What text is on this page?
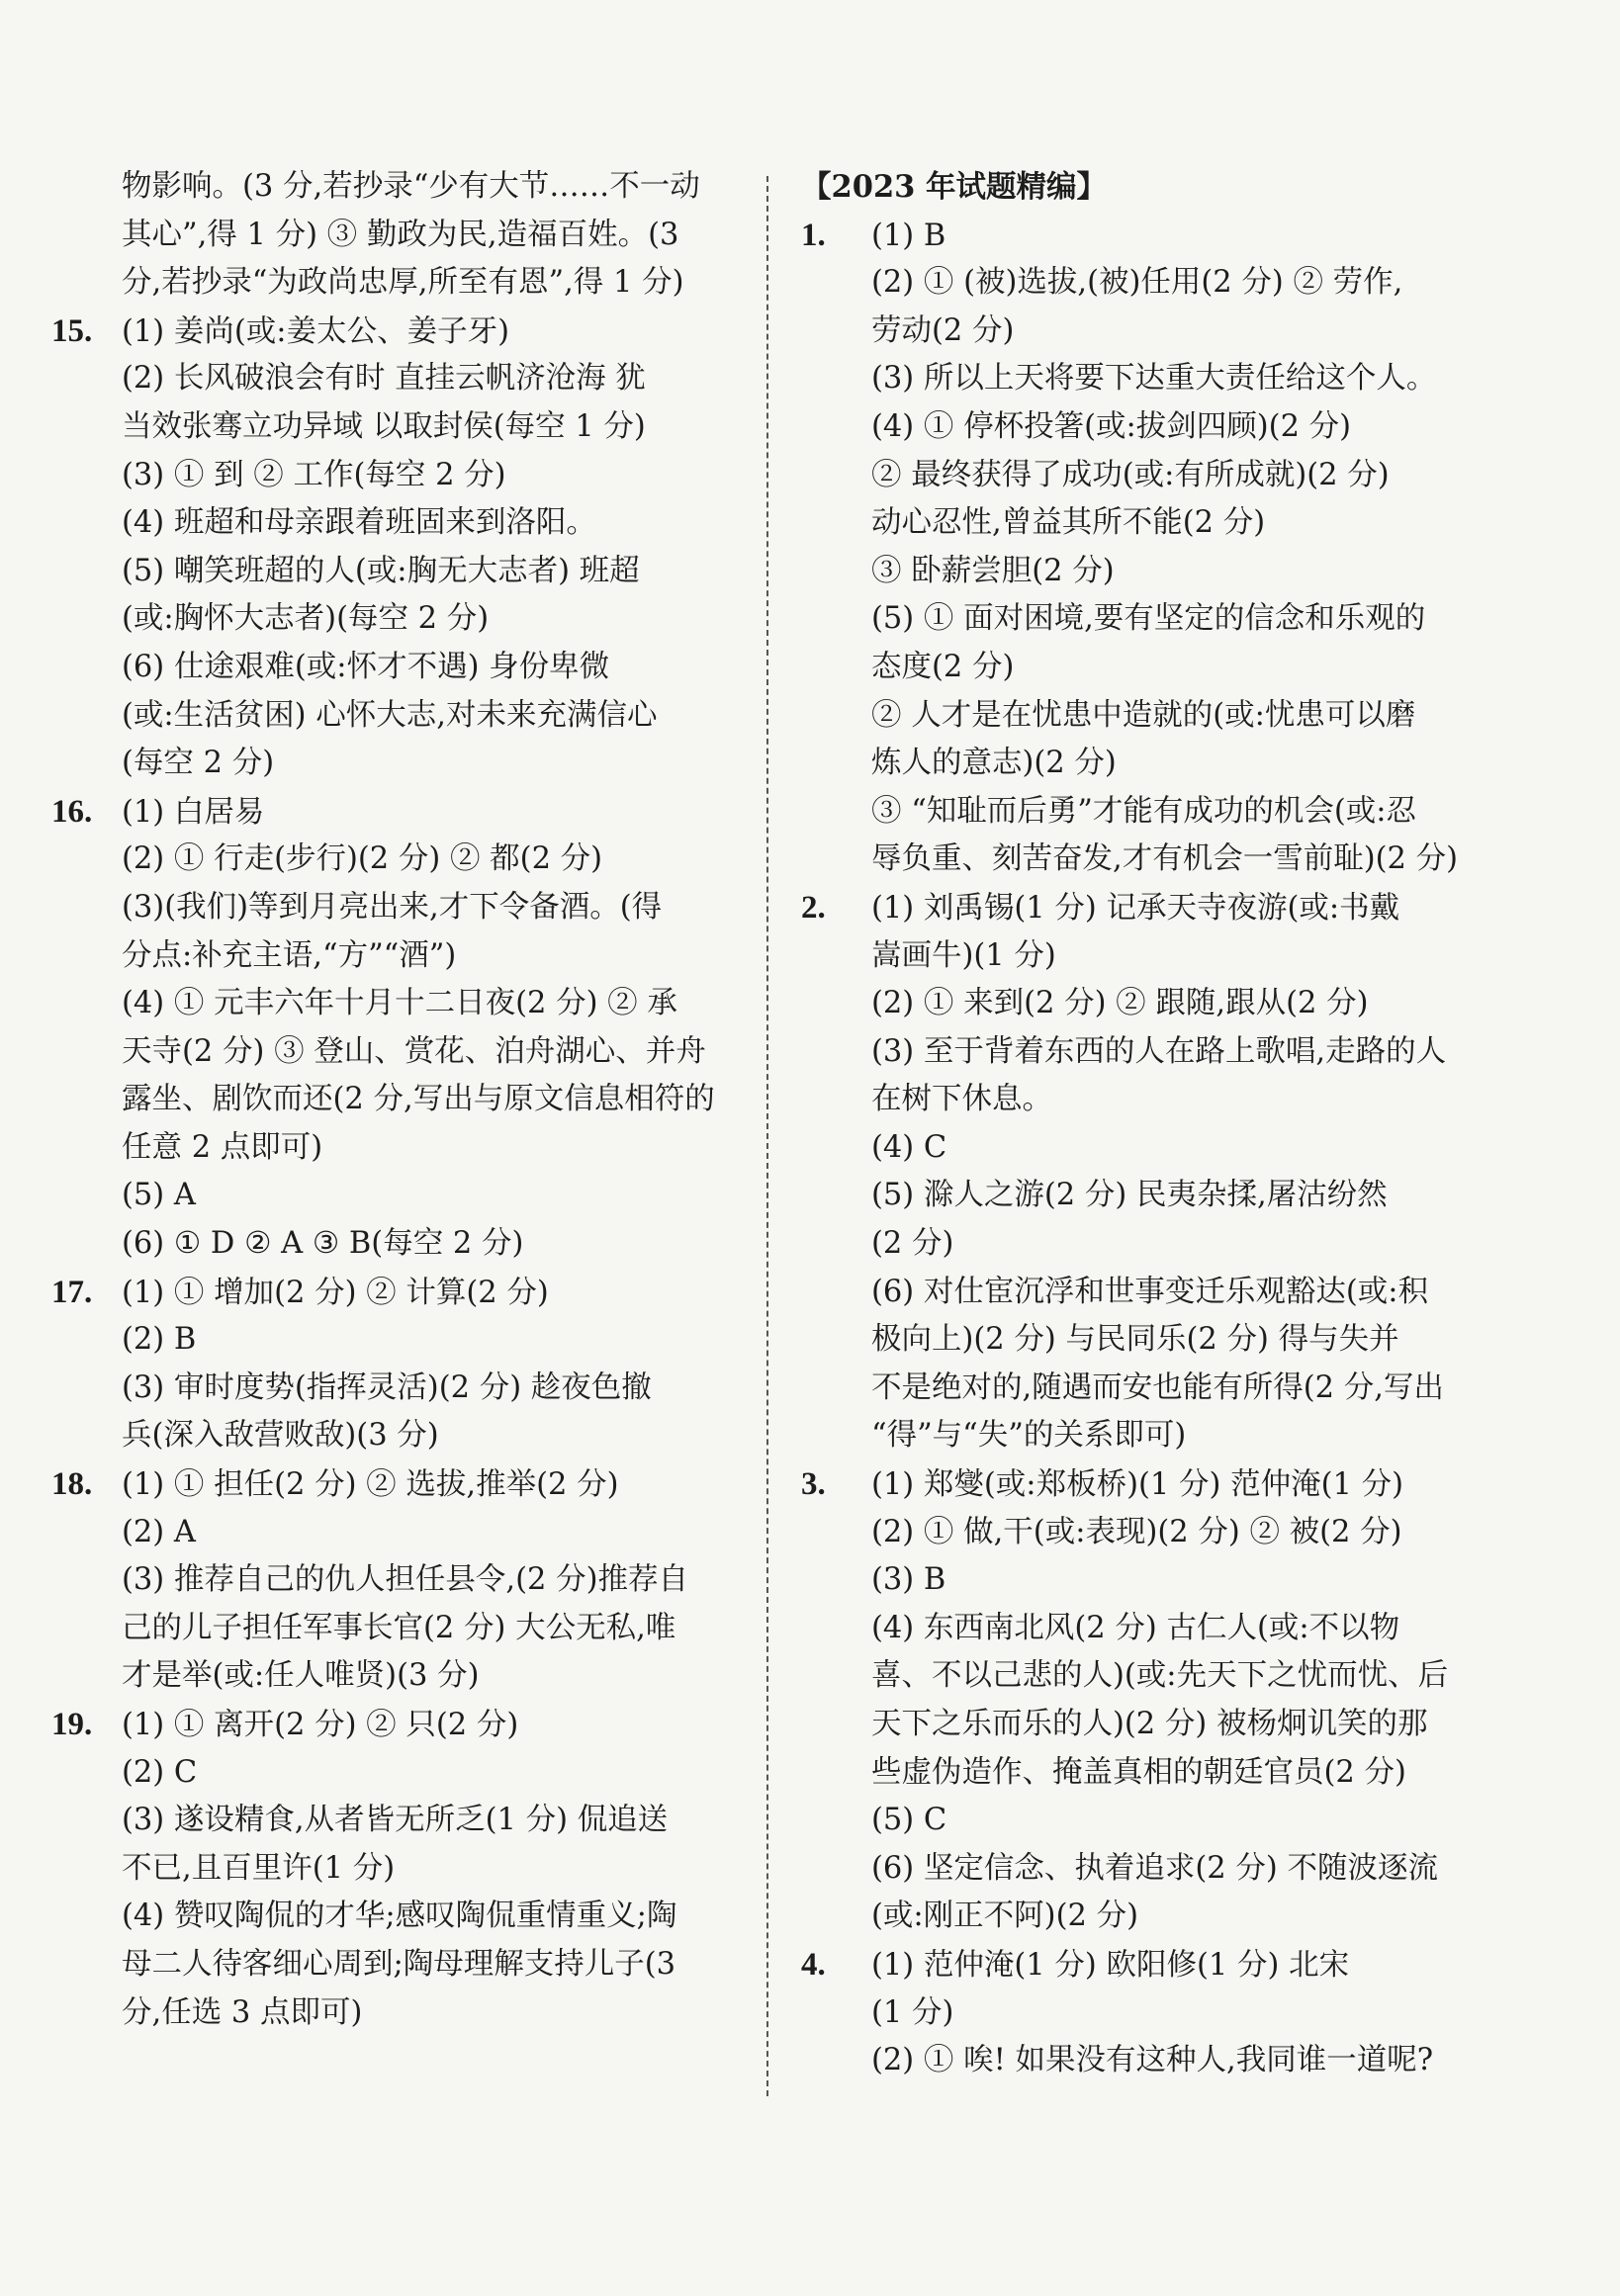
物影响。(3 分,若抄录“少有大节……不一动
其心”,得 1 分) ③ 勤政为民,造福百姓。(3
分,若抄录“为政尚忠厚,所至有恩”,得 1 分)
15. (1) 姜尚(或:姜太公、姜子牙)
(2) 长风破浪会有时 直挂云帆济沧海 犹
当效张骞立功异域 以取封侯(每空 1 分)
(3) ① 到 ② 工作(每空 2 分)
(4) 班超和母亲跟着班固来到洛阳。
(5) 嘲笑班超的人(或:胸无大志者) 班超
(或:胸怀大志者)(每空 2 分)
(6) 仕途艰难(或:怀才不遇) 身份卑微
(或:生活贫困) 心怀大志,对未来充满信心
(每空 2 分)
16. (1) 白居易
(2) ① 行走(步行)(2 分) ② 都(2 分)
(3)(我们)等到月亮出来,才下令备酒。(得
分点:补充主语,“方”“酒”)
(4) ① 元丰六年十月十二日夜(2 分) ② 承
天寺(2 分) ③ 登山、赏花、泊舟湖心、并舟
露坐、剧饮而还(2 分,写出与原文信息相符的
任意 2 点即可)
(5) A
(6) ① D ② A ③ B(每空 2 分)
17. (1) ① 增加(2 分) ② 计算(2 分)
(2) B
(3) 审时度势(指挥灵活)(2 分) 趁夜色撤
兵(深入敌营败敌)(3 分)
18. (1) ① 担任(2 分) ② 选拔,推举(2 分)
(2) A
(3) 推荐自己的仇人担任县令,(2 分)推荐自
己的儿子担任军事长官(2 分) 大公无私,唯
才是举(或:任人唯贤)(3 分)
19. (1) ① 离开(2 分) ② 只(2 分)
(2) C
(3) 遂设精食,从者皆无所乏(1 分) 侃追送
不已,且百里许(1 分)
(4) 赞叹陶侃的才华;感叹陶侃重情重义;陶
母二人待客细心周到;陶母理解支持儿子(3
分,任选 3 点即可)
【2023 年试题精编】
1. (1) B
(2) ① (被)选拔,(被)任用(2 分) ② 劳作,
劳动(2 分)
(3) 所以上天将要下达重大责任给这个人。
(4) ① 停杯投箸(或:拔剑四顾)(2 分)
② 最终获得了成功(或:有所成就)(2 分)
动心忍性,曾益其所不能(2 分)
③ 卧薪尝胆(2 分)
(5) ① 面对困境,要有坚定的信念和乐观的
态度(2 分)
② 人才是在忧患中造就的(或:忧患可以磨
炼人的意志)(2 分)
③ “知耻而后勇”才能有成功的机会(或:忍
辱负重、刻苦奋发,才有机会一雪前耻)(2 分)
2. (1) 刘禹锡(1 分) 记承天寺夜游(或:书戴
嵩画牛)(1 分)
(2) ① 来到(2 分) ② 跟随,跟从(2 分)
(3) 至于背着东西的人在路上歌唱,走路的人
在树下休息。
(4) C
(5) 滁人之游(2 分) 民夷杂揉,屠沽纷然
(2 分)
(6) 对仕宦沉浮和世事变迁乐观豁达(或:积
极向上)(2 分) 与民同乐(2 分) 得与失并
不是绝对的,随遇而安也能有所得(2 分,写出
“得”与“失”的关系即可)
3. (1) 郑燮(或:郑板桥)(1 分) 范仲淹(1 分)
(2) ① 做,干(或:表现)(2 分) ② 被(2 分)
(3) B
(4) 东西南北风(2 分) 古仁人(或:不以物
喜、不以己悲的人)(或:先天下之忧而忧、后
天下之乐而乐的人)(2 分) 被杨炯讥笑的那
些虚伪造作、掩盖真相的朝廷官员(2 分)
(5) C
(6) 坚定信念、执着追求(2 分) 不随波逐流
(或:刚正不阿)(2 分)
4. (1) 范仲淹(1 分) 欧阳修(1 分) 北宋
(1 分)
(2) ① 唉! 如果没有这种人,我同谁一道呢?
